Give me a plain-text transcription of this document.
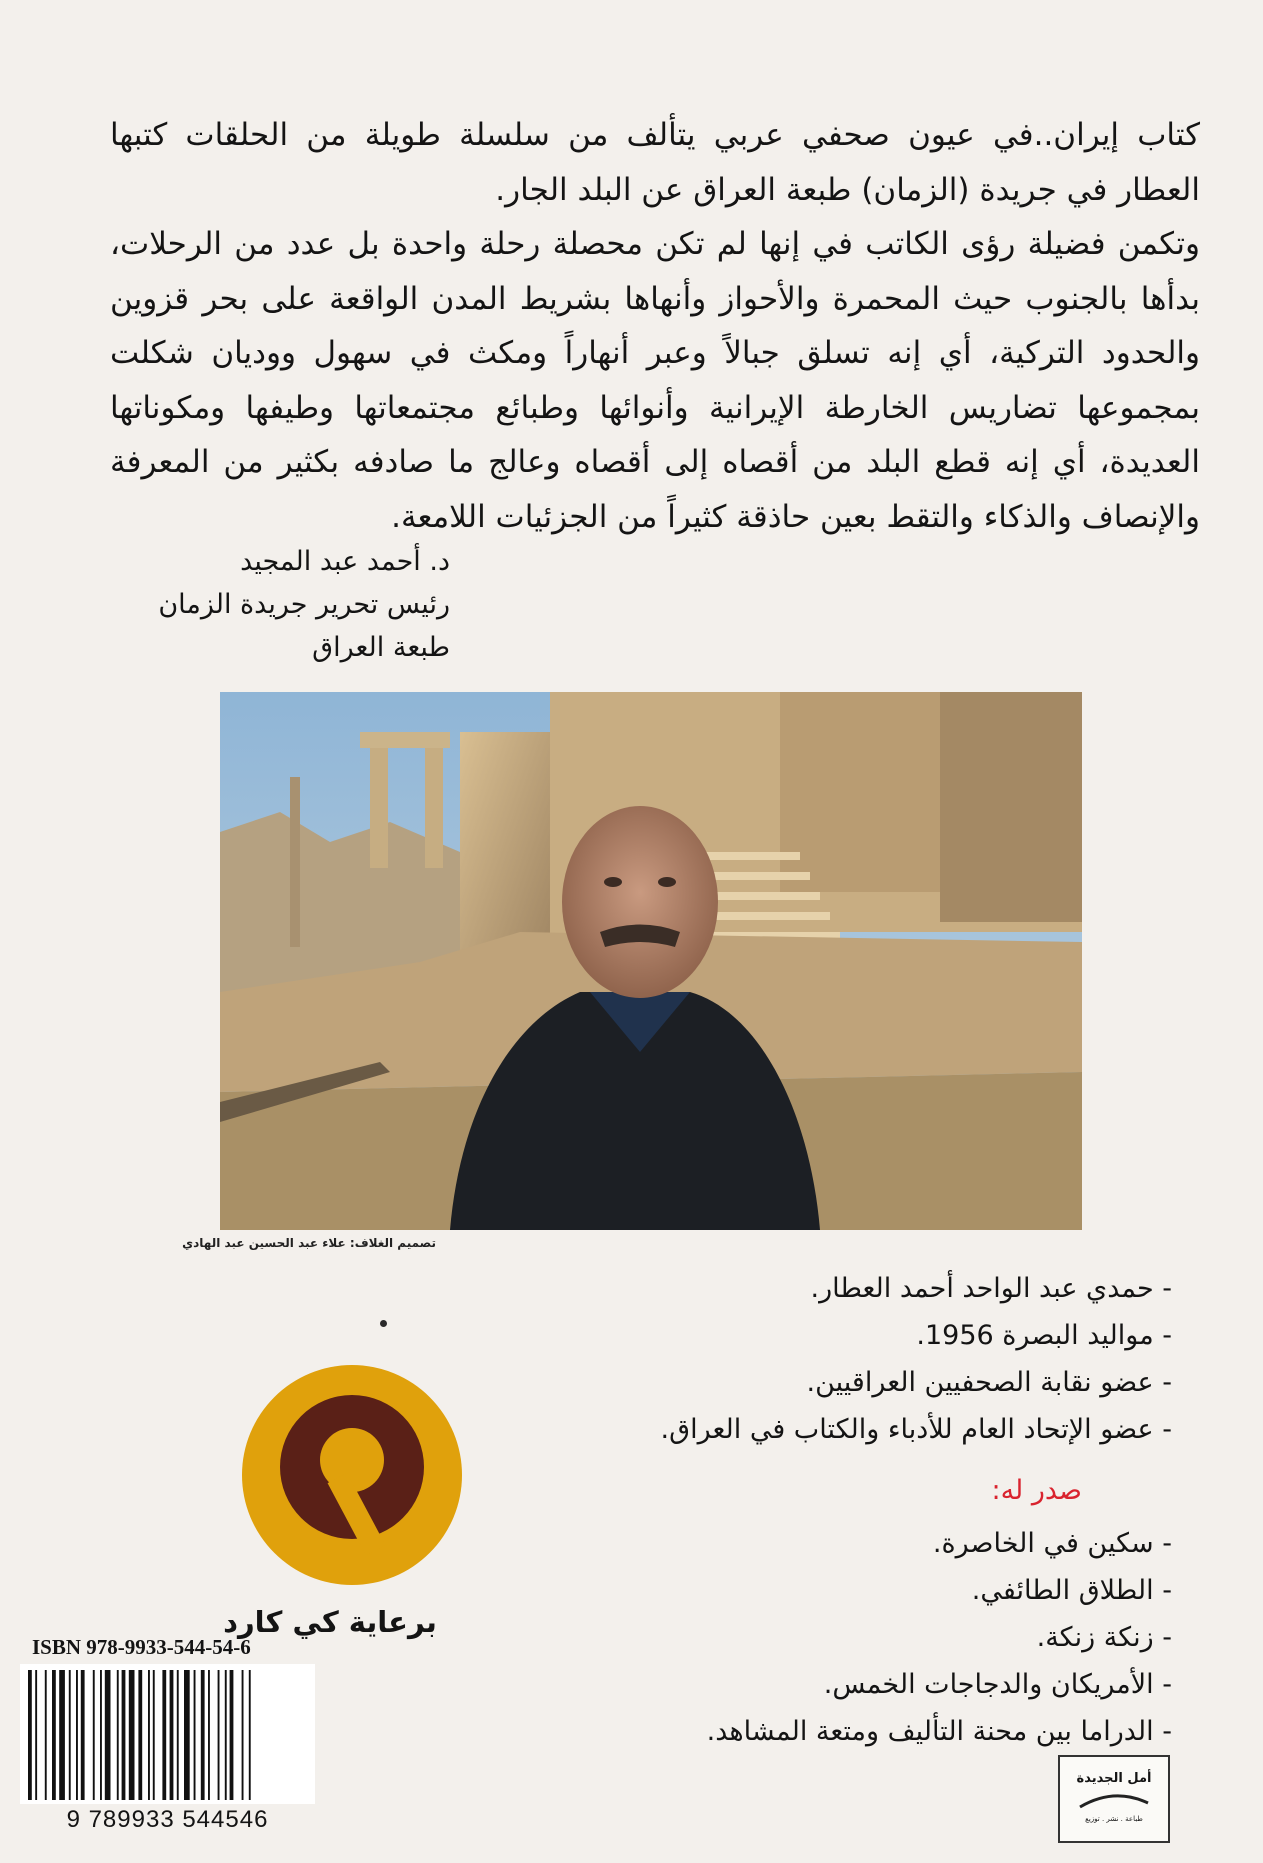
كتاب إيران..في عيون صحفي عربي يتألف من سلسلة طويلة من الحلقات كتبها العطار في جريدة (الزمان) طبعة العراق عن البلد الجار.

وتكمن فضيلة رؤى الكاتب في إنها لم تكن محصلة رحلة واحدة بل عدد من الرحلات، بدأها بالجنوب حيث المحمرة والأحواز وأنهاها بشريط المدن الواقعة على بحر قزوين والحدود التركية، أي إنه تسلق جبالاً وعبر أنهاراً ومكث في سهول ووديان شكلت بمجموعها تضاريس الخارطة الإيرانية وأنوائها وطبائع مجتمعاتها وطيفها ومكوناتها العديدة، أي إنه قطع البلد من أقصاه إلى أقصاه وعالج ما صادفه بكثير من المعرفة والإنصاف والذكاء والتقط بعين حاذقة كثيراً من الجزئيات اللامعة.

د. أحمد عبد المجيد
رئيس تحرير جريدة الزمان
طبعة العراق
تصميم الغلاف: علاء عبد الحسين عبد الهادي
- حمدي عبد الواحد أحمد العطار.
- مواليد البصرة 1956.
- عضو نقابة الصحفيين العراقيين.
- عضو الإتحاد العام للأدباء والكتاب في العراق.
صدر له:
- سكين في الخاصرة.
- الطلاق الطائفي.
- زنكة زنكة.
- الأمريكان والدجاجات الخمس.
- الدراما بين محنة التأليف ومتعة المشاهد.
برعاية كي كارد
ISBN 978-9933-544-54-6
9 789933 544546
أمل الجديدة
طباعة . نشر . توزيع
